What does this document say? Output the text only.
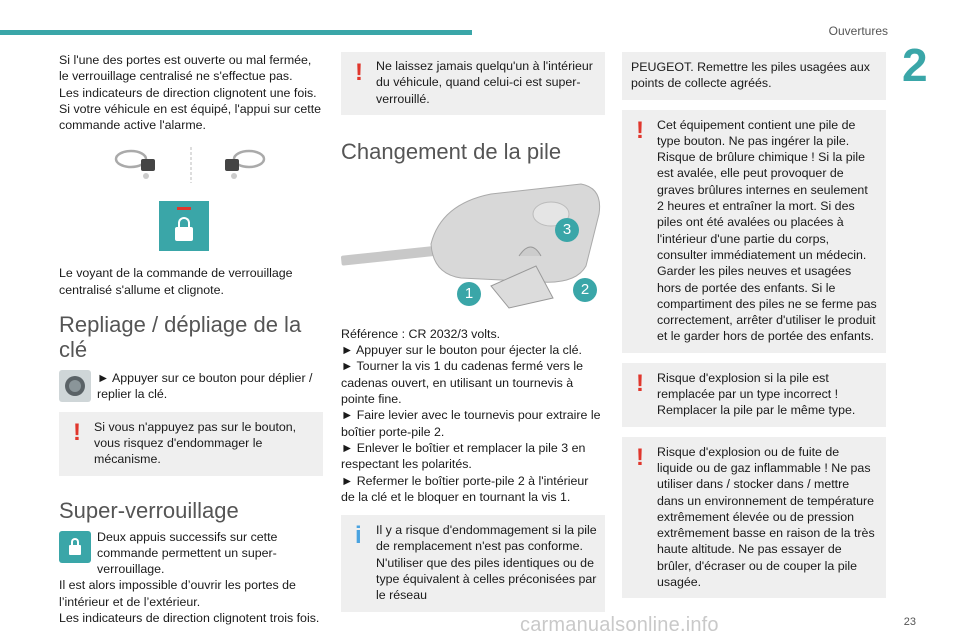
Ouvertures
2
Si l'une des portes est ouverte ou mal fermée, le verrouillage centralisé ne s'effectue pas.
Les indicateurs de direction clignotent une fois.
Si votre véhicule en est équipé, l'appui sur cette commande active l'alarme.
Le voyant de la commande de verrouillage centralisé s'allume et clignote.
Repliage / dépliage de la clé
► Appuyer sur ce bouton pour déplier / replier la clé.
!	Si vous n'appuyez pas sur le bouton, vous risquez d'endommager le mécanisme.
Super-verrouillage
Deux appuis successifs sur cette commande permettent un super-verrouillage.
Il est alors impossible d’ouvrir les portes de l’intérieur et de l’extérieur.
Les indicateurs de direction clignotent trois fois.
!	Ne laissez jamais quelqu'un à l'intérieur du véhicule, quand celui-ci est super-verrouillé.
Changement de la pile
1	2
3
Référence : CR 2032/3 volts.
► Appuyer sur le bouton pour éjecter la clé.
► Tourner la vis 1 du cadenas fermé vers le cadenas ouvert, en utilisant un tournevis à pointe fine.
► Faire levier avec le tournevis pour extraire le boîtier porte-pile 2.
► Enlever le boîtier et remplacer la pile 3 en respectant les polarités.
► Refermer le boîtier porte-pile 2 à l'intérieur de la clé et le bloquer en tournant la vis 1.
i	Il y a risque d'endommagement si la pile de remplacement n'est pas conforme. N'utiliser que des piles identiques ou de type équivalent à celles préconisées par le réseau
PEUGEOT. Remettre les piles usagées aux points de collecte agréés.
!	Cet équipement contient une pile de type bouton. Ne pas ingérer la pile. Risque de brûlure chimique ! Si la pile est avalée, elle peut provoquer de graves brûlures internes en seulement 2 heures et entraîner la mort. Si des piles ont été avalées ou placées à l'intérieur d'une partie du corps, consulter immédiatement un médecin. Garder les piles neuves et usagées hors de portée des enfants. Si le compartiment des piles ne se ferme pas correctement, arrêter d'utiliser le produit et le garder hors de portée des enfants.
!	Risque d'explosion si la pile est remplacée par un type incorrect ! Remplacer la pile par le même type.
!	Risque d'explosion ou de fuite de liquide ou de gaz inflammable ! Ne pas utiliser dans / stocker dans / mettre dans un environnement de température extrêmement élevée ou de pression extrêmement basse en raison de la très haute altitude. Ne pas essayer de brûler, d'écraser ou de couper la pile usagée.
carmanualsonline.info	23
